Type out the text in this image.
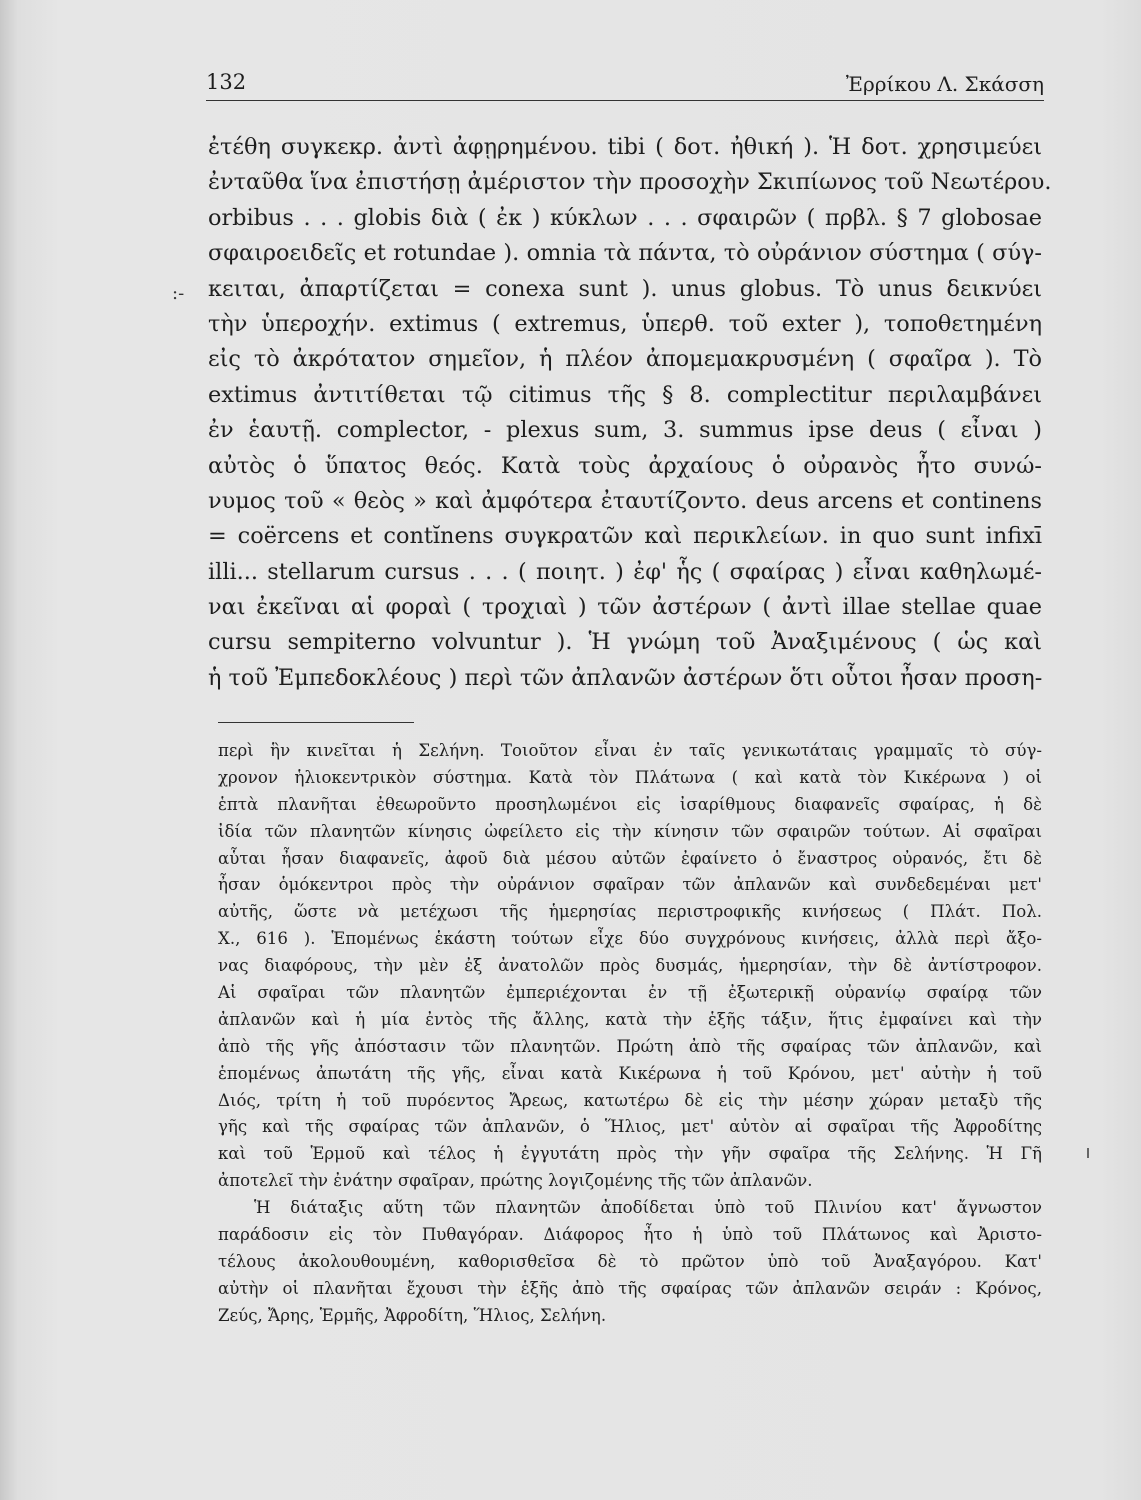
132	Ἐρρίκου Λ. Σκάσση
:-
ἐτέθη συγκεκρ. ἀντὶ ἀφῃρημένου. tibi ( δοτ. ἠθική ). Ἡ δοτ. χρησιμεύει
ἐνταῦθα ἵνα ἐπιστήσῃ ἀμέριστον τὴν προσοχὴν Σκιπίωνος τοῦ Νεωτέρου.
orbibus . . . globis διὰ ( ἐκ ) κύκλων . . . σφαιρῶν ( πρβλ. § 7 globosae
σφαιροειδεῖς et rotundae ). omnia τὰ πάντα, τὸ οὐράνιον σύστημα ( σύγ-
κειται, ἀπαρτίζεται = conexa sunt ). unus globus. Τὸ unus δεικνύει
τὴν ὑπεροχήν. extimus ( extremus, ὑπερθ. τοῦ exter ), τοποθετημένη
εἰς τὸ ἀκρότατον σημεῖον, ἡ πλέον ἀπομεμακρυσμένη ( σφαῖρα ). Τὸ
extimus ἀντιτίθεται τῷ citimus τῆς § 8. complectitur περιλαμβάνει
ἐν ἑαυτῇ. complector, - plexus sum, 3. summus ipse deus ( εἶναι )
αὐτὸς ὁ ὕπατος θεός. Κατὰ τοὺς ἀρχαίους ὁ οὐρανὸς ἦτο συνώ-
νυμος τοῦ « θεὸς » καὶ ἀμφότερα ἐταυτίζοντο. deus arcens et continens
= coërcens et contĭnens συγκρατῶν καὶ περικλείων. in quo sunt infixī
illi... stellarum cursus . . . ( ποιητ. ) ἐφ' ἧς ( σφαίρας ) εἶναι καθηλωμέ-
ναι ἐκεῖναι αἱ φοραὶ ( τροχιαὶ ) τῶν ἀστέρων ( ἀντὶ illae stellae quae
cursu sempiterno volvuntur ). Ἡ γνώμη τοῦ Ἀναξιμένους ( ὡς καὶ
ἡ τοῦ Ἐμπεδοκλέους ) περὶ τῶν ἀπλανῶν ἀστέρων ὅτι οὗτοι ἦσαν προση-
περὶ ἣν κινεῖται ἡ Σελήνη. Τοιοῦτον εἶναι ἐν ταῖς γενικωτάταις γραμμαῖς τὸ σύγ-
χρονον ἡλιοκεντρικὸν σύστημα. Κατὰ τὸν Πλάτωνα ( καὶ κατὰ τὸν Κικέρωνα ) οἱ
ἑπτὰ πλανῆται ἐθεωροῦντο προσηλωμένοι εἰς ἰσαρίθμους διαφανεῖς σφαίρας, ἡ δὲ
ἰδία τῶν πλανητῶν κίνησις ὠφείλετο εἰς τὴν κίνησιν τῶν σφαιρῶν τούτων. Αἱ σφαῖραι
αὗται ἦσαν διαφανεῖς, ἀφοῦ διὰ μέσου αὐτῶν ἐφαίνετο ὁ ἔναστρος οὐρανός, ἔτι δὲ
ἦσαν ὁμόκεντροι πρὸς τὴν οὐράνιον σφαῖραν τῶν ἀπλανῶν καὶ συνδεδεμέναι μετ'
αὐτῆς, ὥστε νὰ μετέχωσι τῆς ἡμερησίας περιστροφικῆς κινήσεως ( Πλάτ. Πολ.
X., 616 ). Ἑπομένως ἑκάστη τούτων εἶχε δύο συγχρόνους κινήσεις, ἀλλὰ περὶ ἄξο-
νας διαφόρους, τὴν μὲν ἐξ ἀνατολῶν πρὸς δυσμάς, ἡμερησίαν, τὴν δὲ ἀντίστροφον.
Αἱ σφαῖραι τῶν πλανητῶν ἐμπεριέχονται ἐν τῇ ἐξωτερικῇ οὐρανίῳ σφαίρᾳ τῶν
ἀπλανῶν καὶ ἡ μία ἐντὸς τῆς ἄλλης, κατὰ τὴν ἑξῆς τάξιν, ἥτις ἐμφαίνει καὶ τὴν
ἀπὸ τῆς γῆς ἀπόστασιν τῶν πλανητῶν. Πρώτη ἀπὸ τῆς σφαίρας τῶν ἀπλανῶν, καὶ
ἑπομένως ἀπωτάτη τῆς γῆς, εἶναι κατὰ Κικέρωνα ἡ τοῦ Κρόνου, μετ' αὐτὴν ἡ τοῦ
Διός, τρίτη ἡ τοῦ πυρόεντος Ἄρεως, κατωτέρω δὲ εἰς τὴν μέσην χώραν μεταξὺ τῆς
γῆς καὶ τῆς σφαίρας τῶν ἀπλανῶν, ὁ Ἥλιος, μετ' αὐτὸν αἱ σφαῖραι τῆς Ἀφροδίτης
καὶ τοῦ Ἑρμοῦ καὶ τέλος ἡ ἐγγυτάτη πρὸς τὴν γῆν σφαῖρα τῆς Σελήνης. Ἡ Γῆ
ἀποτελεῖ τὴν ἐνάτην σφαῖραν, πρώτης λογιζομένης τῆς τῶν ἀπλανῶν.
Ἡ διάταξις αὕτη τῶν πλανητῶν ἀποδίδεται ὑπὸ τοῦ Πλινίου κατ' ἄγνωστον
παράδοσιν εἰς τὸν Πυθαγόραν. Διάφορος ἦτο ἡ ὑπὸ τοῦ Πλάτωνος καὶ Ἀριστο-
τέλους ἀκολουθουμένη, καθορισθεῖσα δὲ τὸ πρῶτον ὑπὸ τοῦ Ἀναξαγόρου. Κατ'
αὐτὴν οἱ πλανῆται ἔχουσι τὴν ἑξῆς ἀπὸ τῆς σφαίρας τῶν ἀπλανῶν σειράν : Κρόνος,
Ζεύς, Ἄρης, Ἑρμῆς, Ἀφροδίτη, Ἥλιος, Σελήνη.
